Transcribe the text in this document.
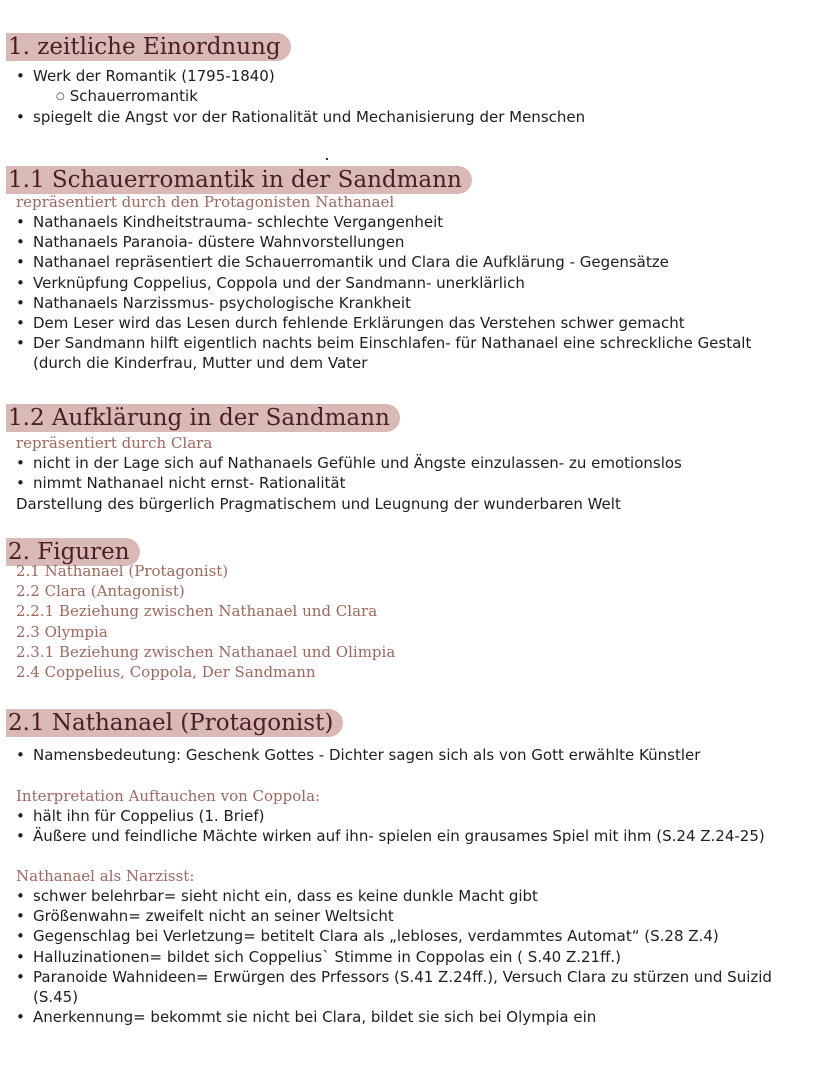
1. zeitliche Einordnung
• Werk der Romantik (1795-1840)
○ Schauerromantik
• spiegelt die Angst vor der Rationalität und Mechanisierung der Menschen
1.1 Schauerromantik in der Sandmann
repräsentiert durch den Protagonisten Nathanael
• Nathanaels Kindheitstrauma- schlechte Vergangenheit
• Nathanaels Paranoia- düstere Wahnvorstellungen
• Nathanael repräsentiert die Schauerromantik und Clara die Aufklärung - Gegensätze
• Verknüpfung Coppelius, Coppola und der Sandmann- unerklärlich
• Nathanaels Narzissmus- psychologische Krankheit
• Dem Leser wird das Lesen durch fehlende Erklärungen das Verstehen schwer gemacht
• Der Sandmann hilft eigentlich nachts beim Einschlafen- für Nathanael eine schreckliche Gestalt
(durch die Kinderfrau, Mutter und dem Vater
1.2 Aufklärung in der Sandmann
repräsentiert durch Clara
• nicht in der Lage sich auf Nathanaels Gefühle und Ängste einzulassen- zu emotionslos
• nimmt Nathanael nicht ernst- Rationalität
Darstellung des bürgerlich Pragmatischem und Leugnung der wunderbaren Welt
2. Figuren
2.1 Nathanael (Protagonist)
2.2 Clara (Antagonist)
2.2.1 Beziehung zwischen Nathanael und Clara
2.3 Olympia
2.3.1 Beziehung zwischen Nathanael und Olimpia
2.4 Coppelius, Coppola, Der Sandmann
2.1 Nathanael (Protagonist)
• Namensbedeutung: Geschenk Gottes - Dichter sagen sich als von Gott erwählte Künstler
Interpretation Auftauchen von Coppola:
• hält ihn für Coppelius (1. Brief)
• Äußere und feindliche Mächte wirken auf ihn- spielen ein grausames Spiel mit ihm (S.24 Z.24-25)
Nathanael als Narzisst:
• schwer belehrbar= sieht nicht ein, dass es keine dunkle Macht gibt
• Größenwahn= zweifelt nicht an seiner Weltsicht
• Gegenschlag bei Verletzung= betitelt Clara als „lebloses, verdammtes Automat“ (S.28 Z.4)
• Halluzinationen= bildet sich Coppelius` Stimme in Coppolas ein ( S.40 Z.21ff.)
• Paranoide Wahnideen= Erwürgen des Prfessors (S.41 Z.24ff.), Versuch Clara zu stürzen und Suizid
(S.45)
• Anerkennung= bekommt sie nicht bei Clara, bildet sie sich bei Olympia ein
